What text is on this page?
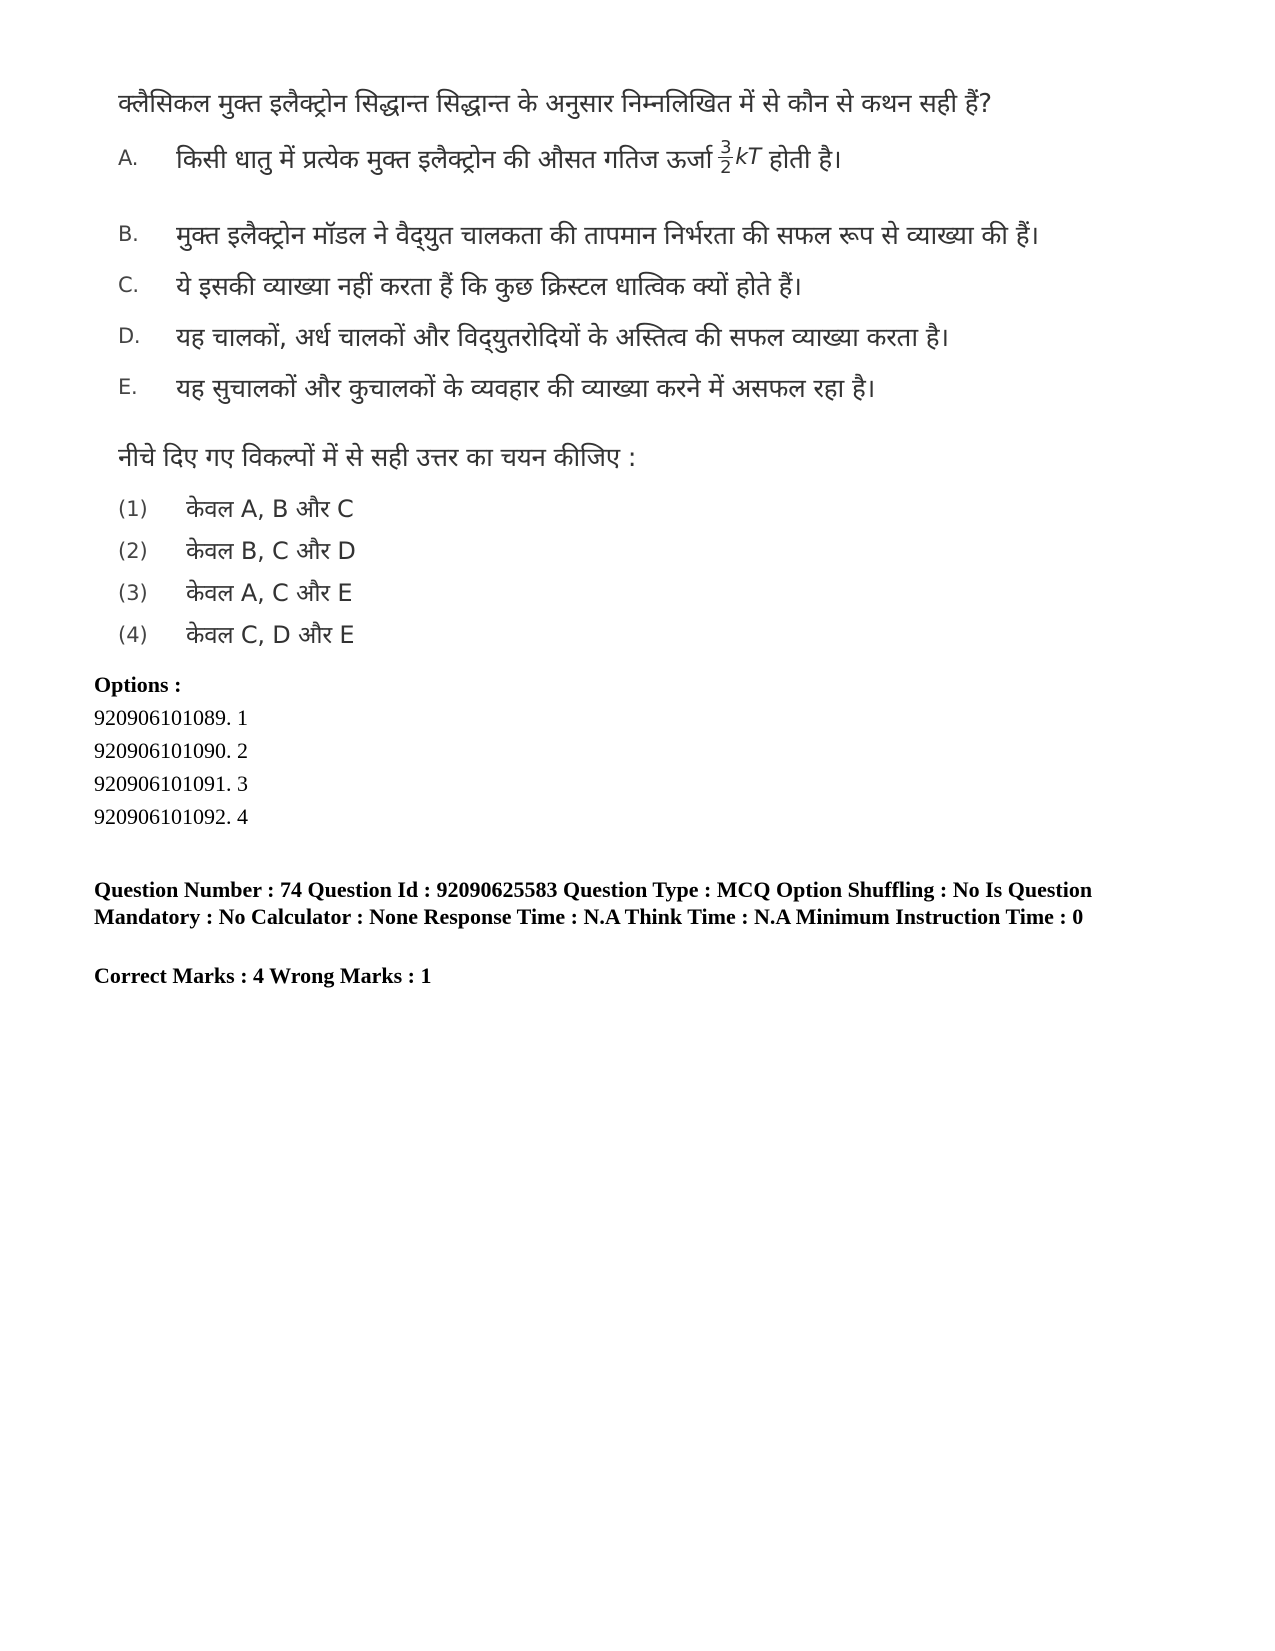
क्लैसिकल मुक्त इलैक्ट्रोन सिद्धान्त सिद्धान्त के अनुसार निम्नलिखित में से कौन से कथन सही हैं?
A.	किसी धातु में प्रत्येक मुक्त इलैक्ट्रोन की औसत गतिज ऊर्जा $\frac{3}{2}$ kT होती है।
B.	मुक्त इलैक्ट्रोन मॉडल ने वैद्‌युत चालकता की तापमान निर्भरता की सफल रूप से व्याख्या की हैं।
C.	ये इसकी व्याख्या नहीं करता हैं कि कुछ क्रिस्टल धात्विक क्यों होते हैं।
D.	यह चालकों, अर्ध चालकों और विद्‌युतरोदियों के अस्तित्व की सफल व्याख्या करता है।
E.	यह सुचालकों और कुचालकों के व्यवहार की व्याख्या करने में असफल रहा है।
नीचे दिए गए विकल्पों में से सही उत्तर का चयन कीजिए :
(1)	केवल A, B और C
(2)	केवल B, C और D
(3)	केवल A, C और E
(4)	केवल C, D और E
Options :
920906101089. 1
920906101090. 2
920906101091. 3
920906101092. 4
Question Number : 74 Question Id : 92090625583 Question Type : MCQ Option Shuffling : No Is Question Mandatory : No Calculator : None Response Time : N.A Think Time : N.A Minimum Instruction Time : 0
Correct Marks : 4 Wrong Marks : 1
